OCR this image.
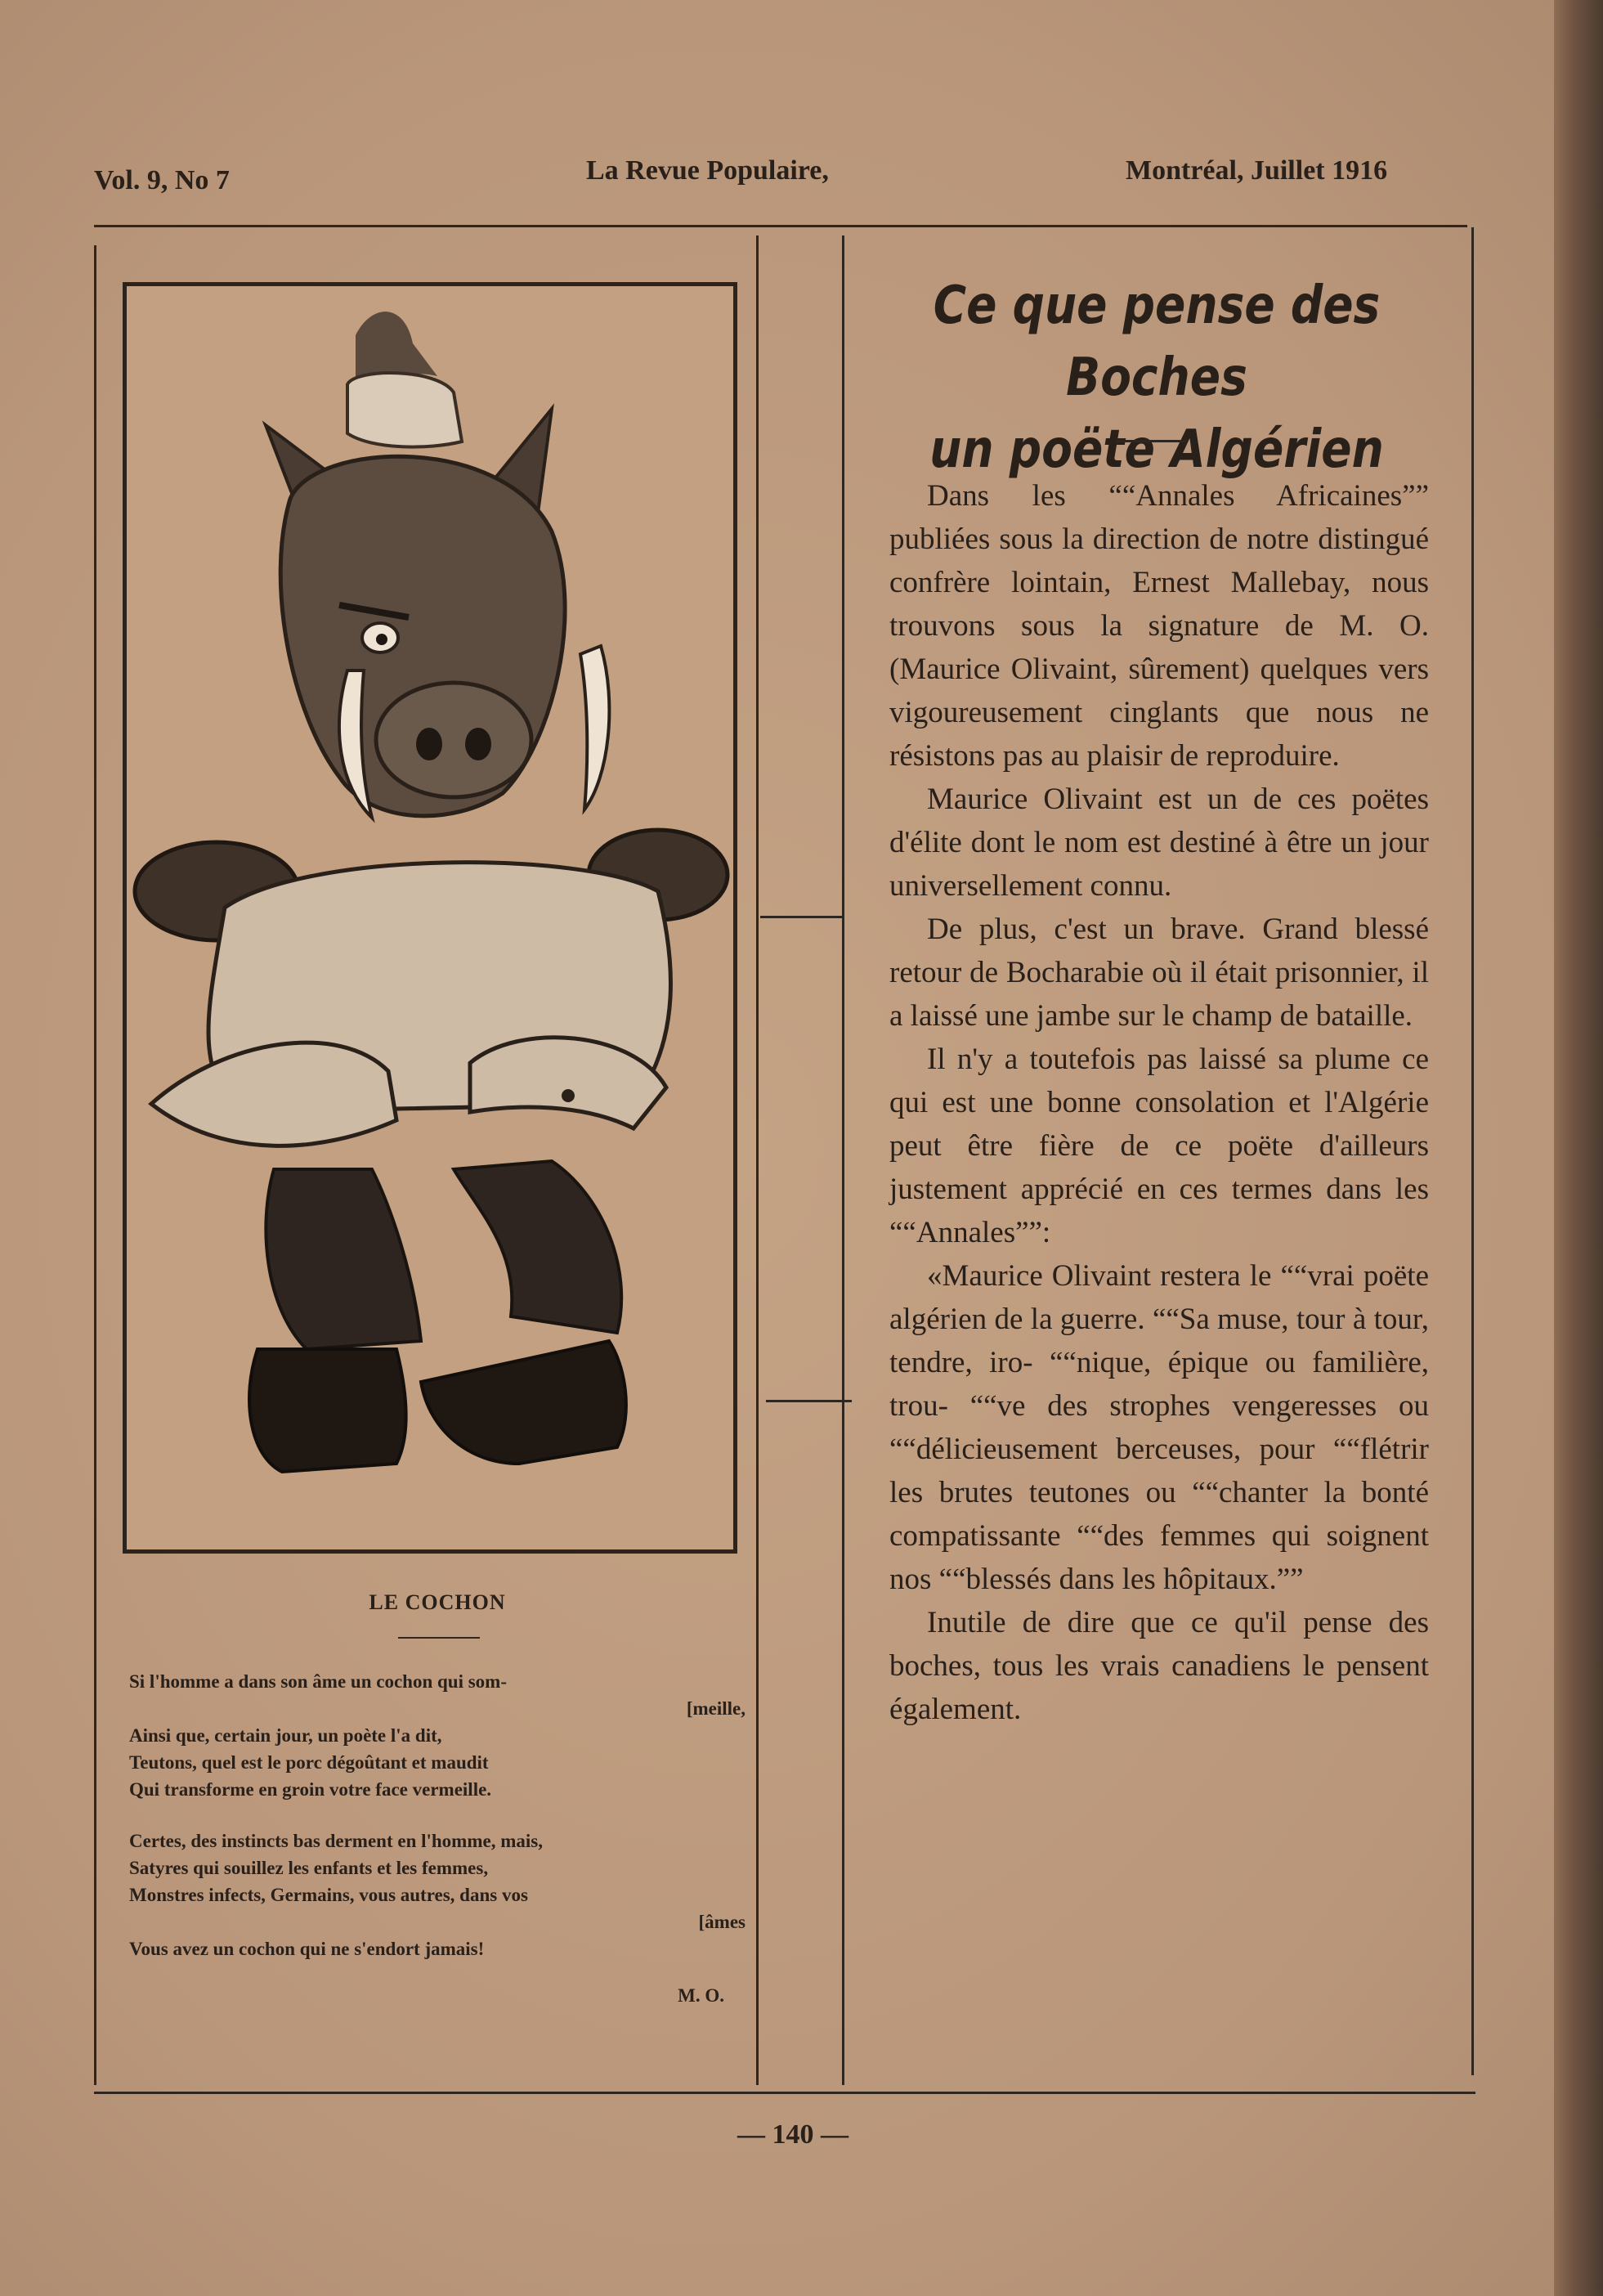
Vol. 9, No 7	La Revue Populaire,	Montréal, Juillet 1916
LE COCHON
Si l'homme a dans son âme un cochon qui som-
[meille,
Ainsi que, certain jour, un poète l'a dit,
Teutons, quel est le porc dégoûtant et maudit
Qui transforme en groin votre face vermeille.
Certes, des instincts bas derment en l'homme, mais,
Satyres qui souillez les enfants et les femmes,
Monstres infects, Germains, vous autres, dans vos
[âmes
Vous avez un cochon qui ne s'endort jamais!
M. O.
Ce que pense des Boches
un poëte Algérien

Dans les ““Annales Africaines”” publiées sous la direction de notre distingué confrère lointain, Ernest Mallebay, nous trouvons sous la signature de M. O. (Maurice Olivaint, sûrement) quelques vers vigoureusement cinglants que nous ne résistons pas au plaisir de reproduire.

Maurice Olivaint est un de ces poëtes d'élite dont le nom est destiné à être un jour universellement connu.

De plus, c'est un brave. Grand blessé retour de Bocharabie où il était prisonnier, il a laissé une jambe sur le champ de bataille.

Il n'y a toutefois pas laissé sa plume ce qui est une bonne consolation et l'Algérie peut être fière de ce poëte d'ailleurs justement apprécié en ces termes dans les ““Annales””:

«Maurice Olivaint restera le ““vrai poëte algérien de la guerre. ““Sa muse, tour à tour, tendre, iro- ““nique, épique ou familière, trou- ““ve des strophes vengeresses ou ““délicieusement berceuses, pour ““flétrir les brutes teutones ou ““chanter la bonté compatissante ““des femmes qui soignent nos ““blessés dans les hôpitaux.””

Inutile de dire que ce qu'il pense des boches, tous les vrais canadiens le pensent également.

— 140 —
